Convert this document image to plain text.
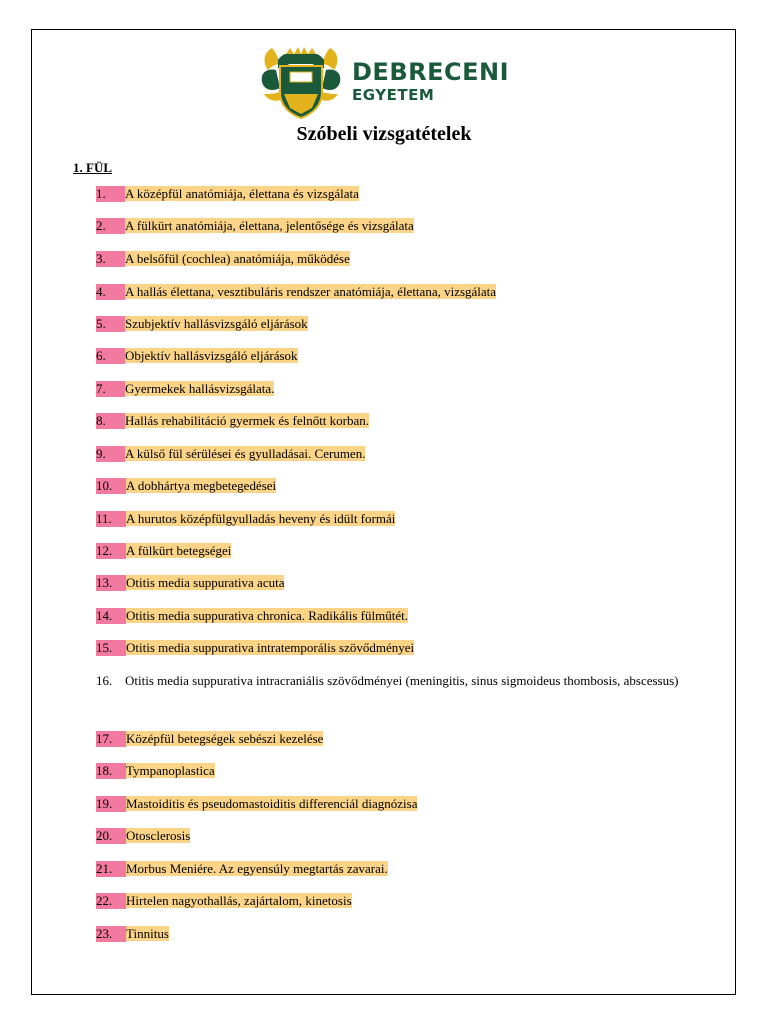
DEBRECENI
EGYETEM
Szóbeli vizsgatételek
1. FÜL
1. A középfül anatómiája, élettana és vizsgálata
2. A fülkürt anatómiája, élettana, jelentősége és vizsgálata
3. A belsőfül (cochlea) anatómiája, működése
4. A hallás élettana, vesztibuláris rendszer anatómiája, élettana, vizsgálata
5. Szubjektív hallásvizsgáló eljárások
6. Objektív hallásvizsgáló eljárások
7. Gyermekek hallásvizsgálata.
8. Hallás rehabilitáció gyermek és felnőtt korban.
9. A külső fül sérülései és gyulladásai. Cerumen.
10. A dobhártya megbetegedései
11. A hurutos középfülgyulladás heveny és idült formái
12. A fülkürt betegségei
13. Otitis media suppurativa acuta
14. Otitis media suppurativa chronica. Radikális fülműtét.
15. Otitis media suppurativa intratemporális szövődményei
16. Otitis media suppurativa intracraniális szövődményei (meningitis, sinus sigmoideus thombosis, abscessus)
17. Középfül betegségek sebészi kezelése
18. Tympanoplastica
19. Mastoiditis és pseudomastoiditis differenciál diagnózisa
20. Otosclerosis
21. Morbus Meniére. Az egyensúly megtartás zavarai.
22. Hirtelen nagyothallás, zajártalom, kinetosis
23. Tinnitus
